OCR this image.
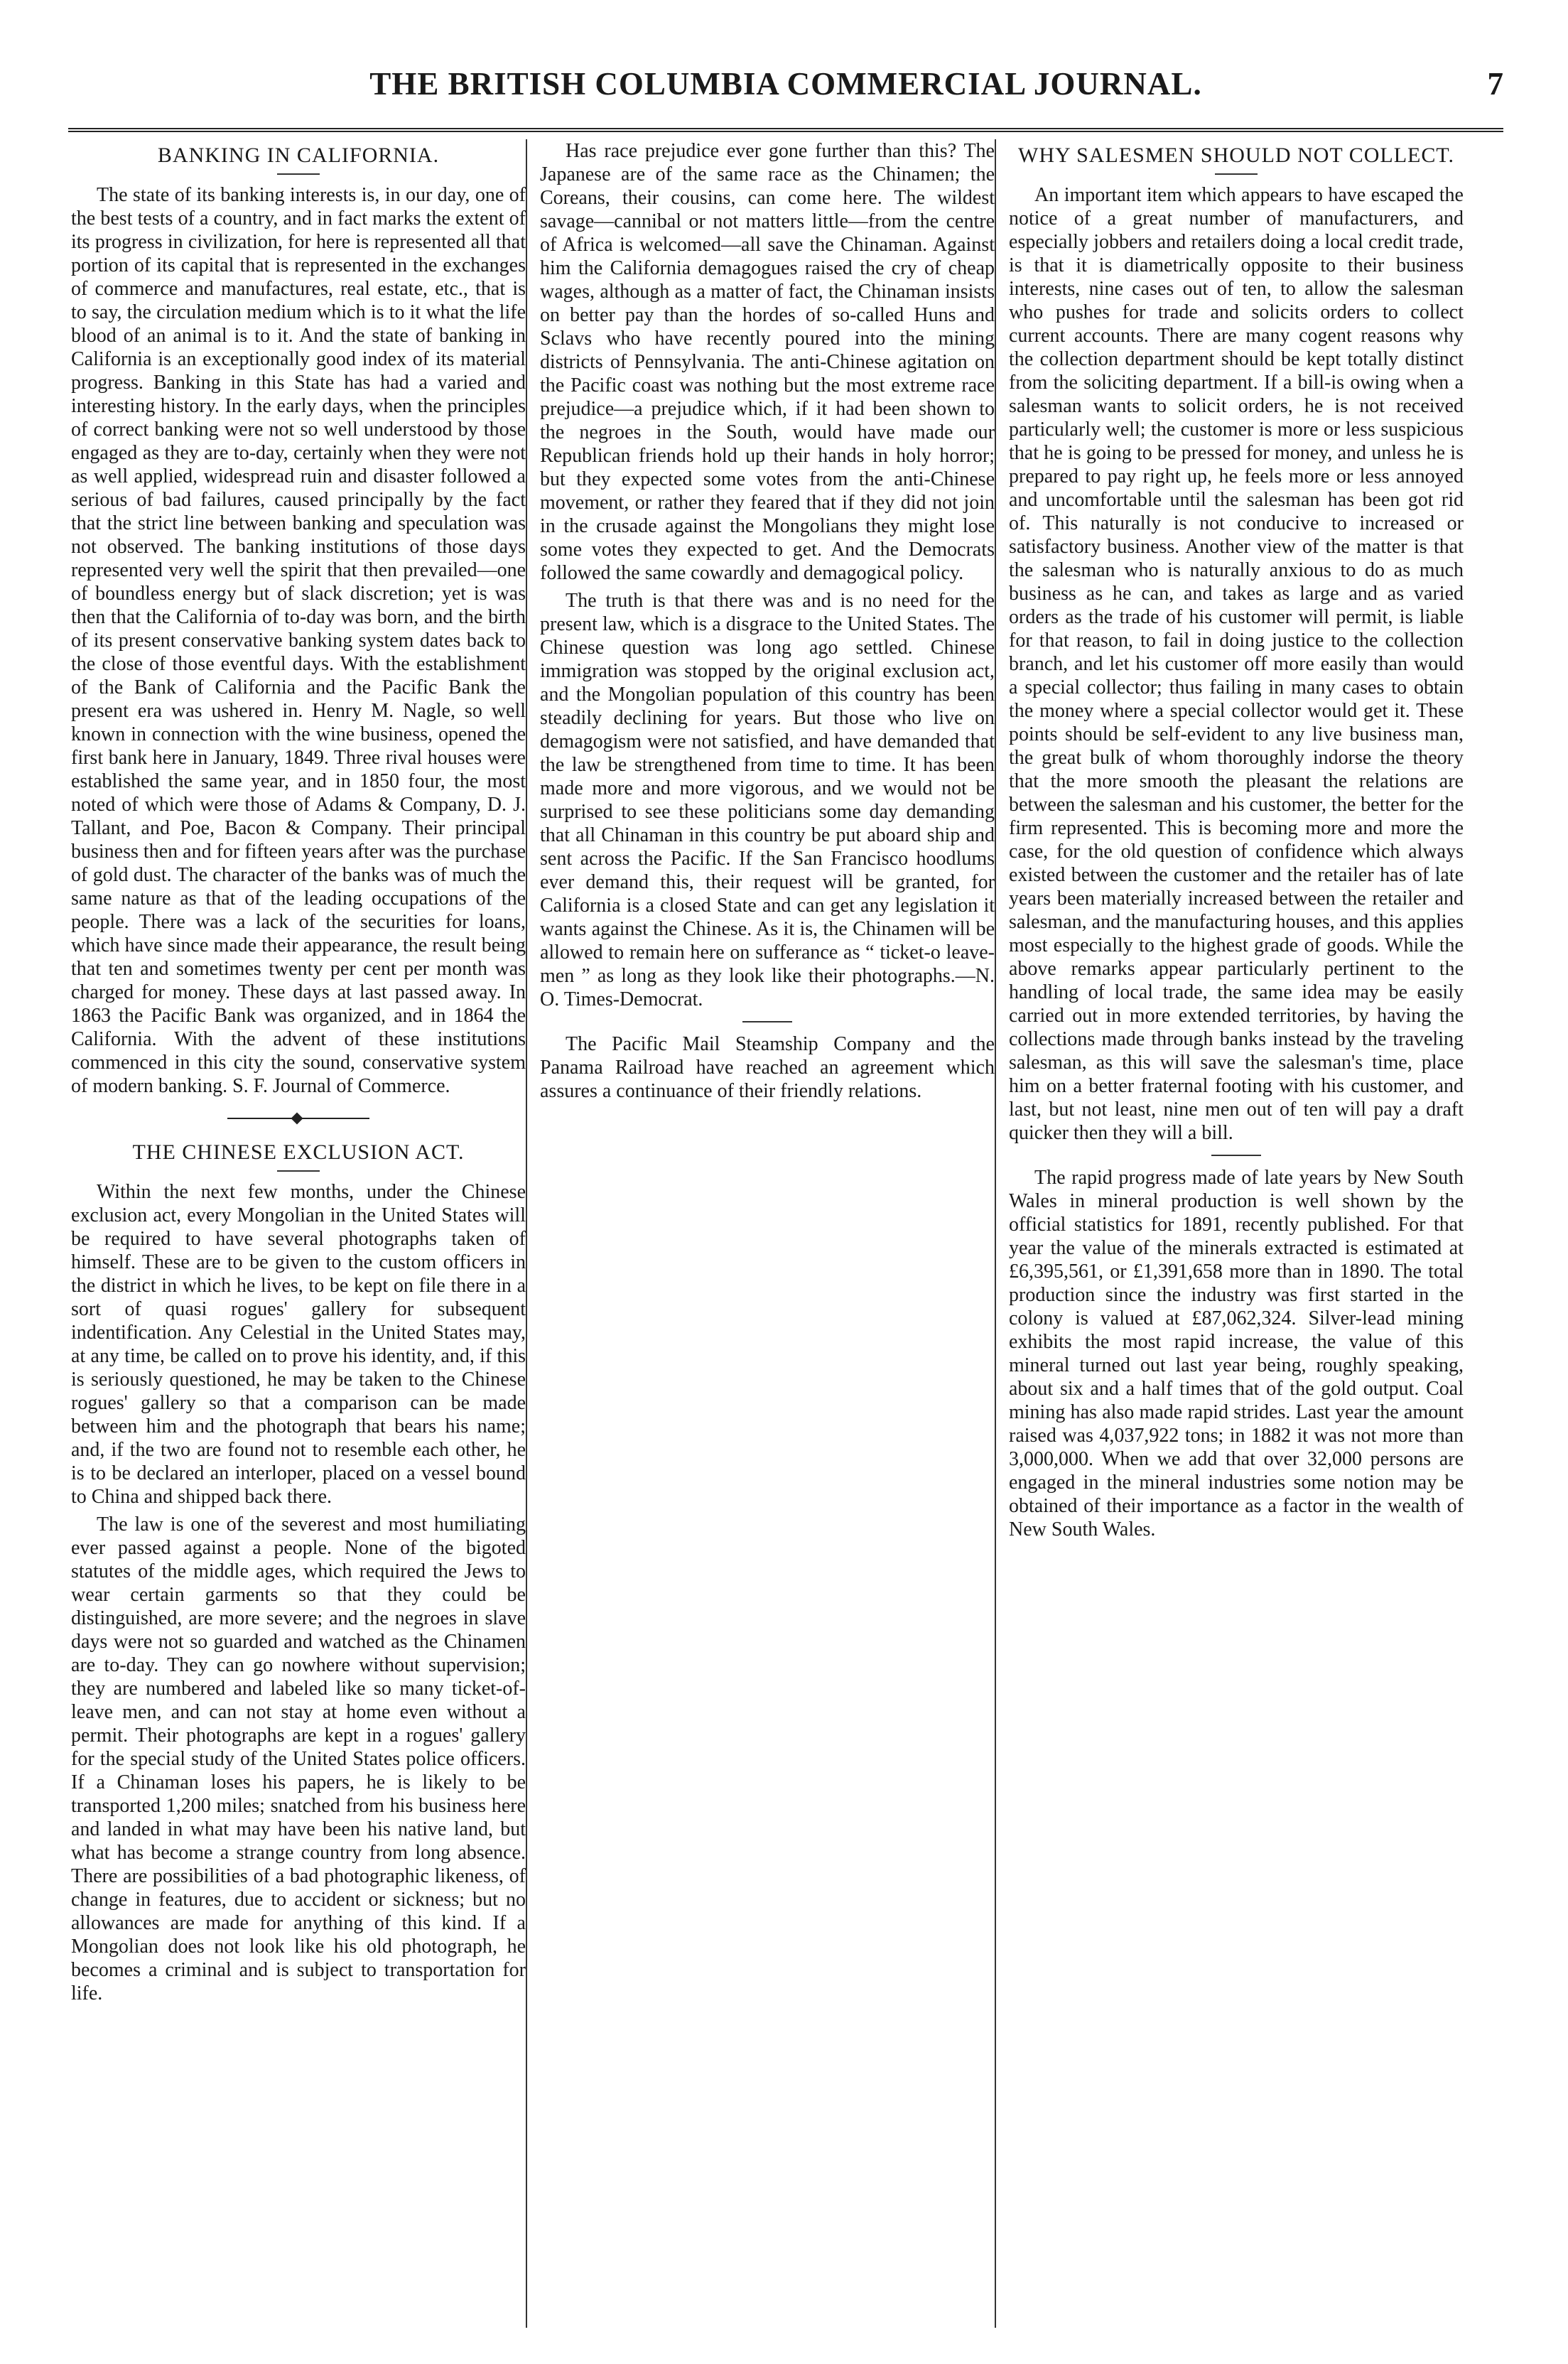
THE BRITISH COLUMBIA COMMERCIAL JOURNAL.	7
BANKING IN CALIFORNIA.

The state of its banking interests is, in our day, one of the best tests of a country, and in fact marks the extent of its progress in civilization, for here is represented all that portion of its capital that is represented in the exchanges of commerce and manufactures, real estate, etc., that is to say, the circulation medium which is to it what the life blood of an animal is to it. And the state of banking in California is an exceptionally good index of its material progress. Banking in this State has had a varied and interesting history. In the early days, when the principles of correct banking were not so well understood by those engaged as they are to-day, certainly when they were not as well applied, widespread ruin and disaster followed a serious of bad failures, caused principally by the fact that the strict line between banking and speculation was not observed. The banking institutions of those days represented very well the spirit that then prevailed—one of boundless energy but of slack discretion; yet is was then that the California of to-day was born, and the birth of its present conservative banking system dates back to the close of those eventful days. With the establishment of the Bank of California and the Pacific Bank the present era was ushered in. Henry M. Nagle, so well known in connection with the wine business, opened the first bank here in January, 1849. Three rival houses were established the same year, and in 1850 four, the most noted of which were those of Adams & Company, D. J. Tallant, and Poe, Bacon & Company. Their principal business then and for fifteen years after was the purchase of gold dust. The character of the banks was of much the same nature as that of the leading occupations of the people. There was a lack of the securities for loans, which have since made their appearance, the result being that ten and sometimes twenty per cent per month was charged for money. These days at last passed away. In 1863 the Pacific Bank was organized, and in 1864 the California. With the advent of these institutions commenced in this city the sound, conservative system of modern banking. S. F. Journal of Commerce.

THE CHINESE EXCLUSION ACT.

Within the next few months, under the Chinese exclusion act, every Mongolian in the United States will be required to have several photographs taken of himself. These are to be given to the custom officers in the district in which he lives, to be kept on file there in a sort of quasi rogues' gallery for subsequent indentification. Any Celestial in the United States may, at any time, be called on to prove his identity, and, if this is seriously questioned, he may be taken to the Chinese rogues' gallery so that a comparison can be made between him and the photograph that bears his name; and, if the two are found not to resemble each other, he is to be declared an interloper, placed on a vessel bound to China and shipped back there.

The law is one of the severest and most humiliating ever passed against a people. None of the bigoted statutes of the middle ages, which required the Jews to wear certain garments so that they could be distinguished, are more severe; and the negroes in slave days were not so guarded and watched as the Chinamen are to-day. They can go nowhere without supervision; they are numbered and labeled like so many ticket-of-leave men, and can not stay at home even without a permit. Their photographs are kept in a rogues' gallery for the special study of the United States police officers. If a Chinaman loses his papers, he is likely to be transported 1,200 miles; snatched from his business here and landed in what may have been his native land, but what has become a strange country from long absence. There are possibilities of a bad photographic likeness, of change in features, due to accident or sickness; but no allowances are made for anything of this kind. If a Mongolian does not look like his old photograph, he becomes a criminal and is subject to transportation for life.

Has race prejudice ever gone further than this? The Japanese are of the same race as the Chinamen; the Coreans, their cousins, can come here. The wildest savage—cannibal or not matters little—from the centre of Africa is welcomed—all save the Chinaman. Against him the California demagogues raised the cry of cheap wages, although as a matter of fact, the Chinaman insists on better pay than the hordes of so-called Huns and Sclavs who have recently poured into the mining districts of Pennsylvania. The anti-Chinese agitation on the Pacific coast was nothing but the most extreme race prejudice—a prejudice which, if it had been shown to the negroes in the South, would have made our Republican friends hold up their hands in holy horror; but they expected some votes from the anti-Chinese movement, or rather they feared that if they did not join in the crusade against the Mongolians they might lose some votes they expected to get. And the Democrats followed the same cowardly and demagogical policy.

The truth is that there was and is no need for the present law, which is a disgrace to the United States. The Chinese question was long ago settled. Chinese immigration was stopped by the original exclusion act, and the Mongolian population of this country has been steadily declining for years. But those who live on demagogism were not satisfied, and have demanded that the law be strengthened from time to time. It has been made more and more vigorous, and we would not be surprised to see these politicians some day demanding that all Chinaman in this country be put aboard ship and sent across the Pacific. If the San Francisco hoodlums ever demand this, their request will be granted, for California is a closed State and can get any legislation it wants against the Chinese. As it is, the Chinamen will be allowed to remain here on sufferance as “ ticket-o leave-men ” as long as they look like their photographs.—N. O. Times-Democrat.

The Pacific Mail Steamship Company and the Panama Railroad have reached an agreement which assures a continuance of their friendly relations.

WHY SALESMEN SHOULD NOT COLLECT.

An important item which appears to have escaped the notice of a great number of manufacturers, and especially jobbers and retailers doing a local credit trade, is that it is diametrically opposite to their business interests, nine cases out of ten, to allow the salesman who pushes for trade and solicits orders to collect current accounts. There are many cogent reasons why the collection department should be kept totally distinct from the soliciting department. If a bill-is owing when a salesman wants to solicit orders, he is not received particularly well; the customer is more or less suspicious that he is going to be pressed for money, and unless he is prepared to pay right up, he feels more or less annoyed and uncomfortable until the salesman has been got rid of. This naturally is not conducive to increased or satisfactory business. Another view of the matter is that the salesman who is naturally anxious to do as much business as he can, and takes as large and as varied orders as the trade of his customer will permit, is liable for that reason, to fail in doing justice to the collection branch, and let his customer off more easily than would a special collector; thus failing in many cases to obtain the money where a special collector would get it. These points should be self-evident to any live business man, the great bulk of whom thoroughly indorse the theory that the more smooth the pleasant the relations are between the salesman and his customer, the better for the firm represented. This is becoming more and more the case, for the old question of confidence which always existed between the customer and the retailer has of late years been materially increased between the retailer and salesman, and the manufacturing houses, and this applies most especially to the highest grade of goods. While the above remarks appear particularly pertinent to the handling of local trade, the same idea may be easily carried out in more extended territories, by having the collections made through banks instead by the traveling salesman, as this will save the salesman's time, place him on a better fraternal footing with his customer, and last, but not least, nine men out of ten will pay a draft quicker then they will a bill.

The rapid progress made of late years by New South Wales in mineral production is well shown by the official statistics for 1891, recently published. For that year the value of the minerals extracted is estimated at £6,395,561, or £1,391,658 more than in 1890. The total production since the industry was first started in the colony is valued at £87,062,324. Silver-lead mining exhibits the most rapid increase, the value of this mineral turned out last year being, roughly speaking, about six and a half times that of the gold output. Coal mining has also made rapid strides. Last year the amount raised was 4,037,922 tons; in 1882 it was not more than 3,000,000. When we add that over 32,000 persons are engaged in the mineral industries some notion may be obtained of their importance as a factor in the wealth of New South Wales.
